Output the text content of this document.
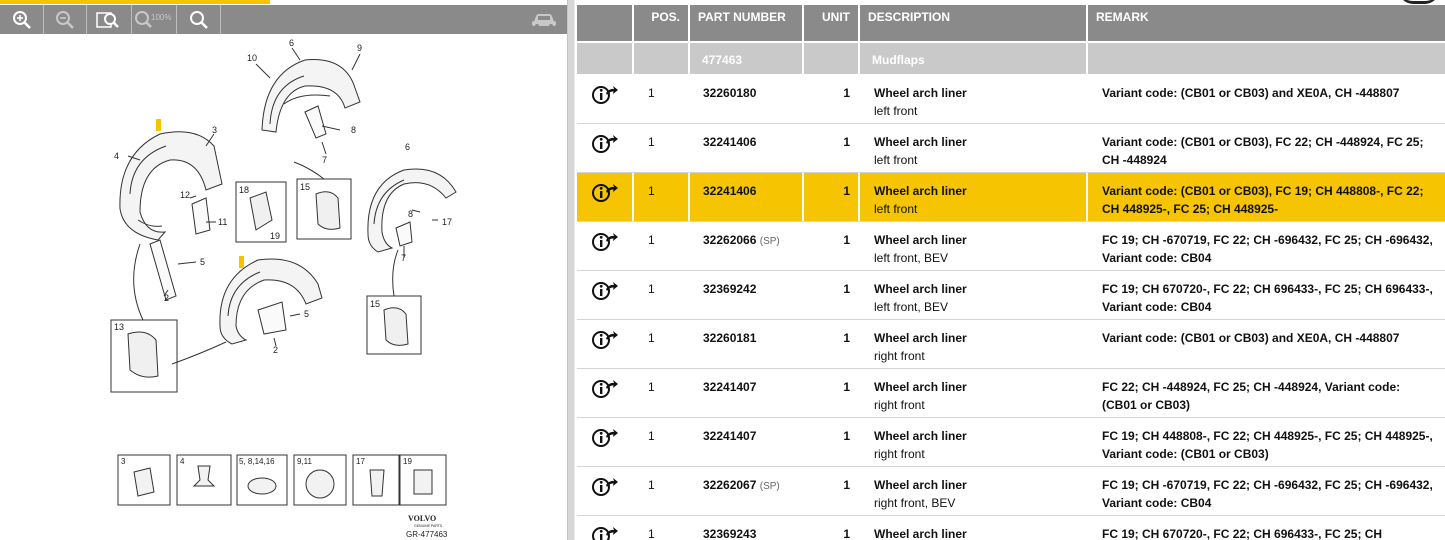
100%
10
6	9
3
4
12
11
5
2
8
7
18
19
15
6
8
17
7
5
2
13
15
3	4	5, 8,14,16	9,11	17	19
VOLVO
GENUINE PARTS
GR-477463
POS.	PART NUMBER	UNIT	DESCRIPTION	REMARK
477463	Mudflaps
1	32260180	1	Wheel arch liner
left front
Variant code: (CB01 or CB03) and XE0A, CH -448807
1	32241406	1	Wheel arch liner
left front
Variant code: (CB01 or CB03), FC 22; CH -448924, FC 25; CH -448924
1	32241406	1	Wheel arch liner
left front
Variant code: (CB01 or CB03), FC 19; CH 448808-, FC 22; CH 448925-, FC 25; CH 448925-
1	32262066 (SP)	1	Wheel arch liner
left front, BEV
FC 19; CH -670719, FC 22; CH -696432, FC 25; CH -696432, Variant code: CB04
1	32369242	1	Wheel arch liner
left front, BEV
FC 19; CH 670720-, FC 22; CH 696433-, FC 25; CH 696433-, Variant code: CB04
1	32260181	1	Wheel arch liner
right front
Variant code: (CB01 or CB03) and XE0A, CH -448807
1	32241407	1	Wheel arch liner
right front
FC 22; CH -448924, FC 25; CH -448924, Variant code: (CB01 or CB03)
1	32241407	1	Wheel arch liner
right front
FC 19; CH 448808-, FC 22; CH 448925-, FC 25; CH 448925-, Variant code: (CB01 or CB03)
1	32262067 (SP)	1	Wheel arch liner
right front, BEV
FC 19; CH -670719, FC 22; CH -696432, FC 25; CH -696432, Variant code: CB04
1	32369243	1	Wheel arch liner	FC 19; CH 670720-, FC 22; CH 696433-, FC 25; CH
